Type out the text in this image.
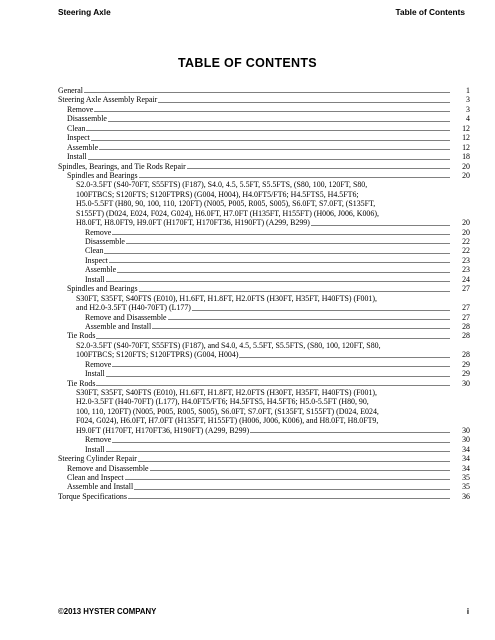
Steering Axle	Table of Contents
TABLE OF CONTENTS
General	1
Steering Axle Assembly Repair	3
Remove	3
Disassemble	4
Clean	12
Inspect	12
Assemble	12
Install	18
Spindles, Bearings, and Tie Rods Repair	20
Spindles and Bearings	20
S2.0-3.5FT (S40-70FT, S55FTS) (F187), S4.0, 4.5, 5.5FT, S5.5FTS, (S80, 100, 120FT, S80,
100FTBCS; S120FTS; S120FTPRS) (G004, H004), H4.0FT5/FT6; H4.5FTS5, H4.5FT6;
H5.0-5.5FT (H80, 90, 100, 110, 120FT) (N005, P005, R005, S005), S6.0FT, S7.0FT, (S135FT,
S155FT) (D024, E024, F024, G024), H6.0FT, H7.0FT (H135FT, H155FT) (H006, J006, K006),
H8.0FT, H8.0FT9, H9.0FT (H170FT, H170FT36, H190FT) (A299, B299)	20
Remove	20
Disassemble	22
Clean	22
Inspect	23
Assemble	23
Install	24
Spindles and Bearings	27
S30FT, S35FT, S40FTS (E010), H1.6FT, H1.8FT, H2.0FTS (H30FT, H35FT, H40FTS) (F001),
and H2.0-3.5FT (H40-70FT) (L177)	27
Remove and Disassemble	27
Assemble and Install	28
Tie Rods	28
S2.0-3.5FT (S40-70FT, S55FTS) (F187), and S4.0, 4.5, 5.5FT, S5.5FTS, (S80, 100, 120FT, S80,
100FTBCS; S120FTS; S120FTPRS) (G004, H004)	28
Remove	29
Install	29
Tie Rods	30
S30FT, S35FT, S40FTS (E010), H1.6FT, H1.8FT, H2.0FTS (H30FT, H35FT, H40FTS) (F001),
H2.0-3.5FT (H40-70FT) (L177), H4.0FT5/FT6; H4.5FTS5, H4.5FT6; H5.0-5.5FT (H80, 90,
100, 110, 120FT) (N005, P005, R005, S005), S6.0FT, S7.0FT, (S135FT, S155FT) (D024, E024,
F024, G024), H6.0FT, H7.0FT (H135FT, H155FT) (H006, J006, K006), and H8.0FT, H8.0FT9,
H9.0FT (H170FT, H170FT36, H190FT) (A299, B299)	30
Remove	30
Install	34
Steering Cylinder Repair	34
Remove and Disassemble	34
Clean and Inspect	35
Assemble and Install	35
Torque Specifications	36
©2013 HYSTER COMPANY	i
